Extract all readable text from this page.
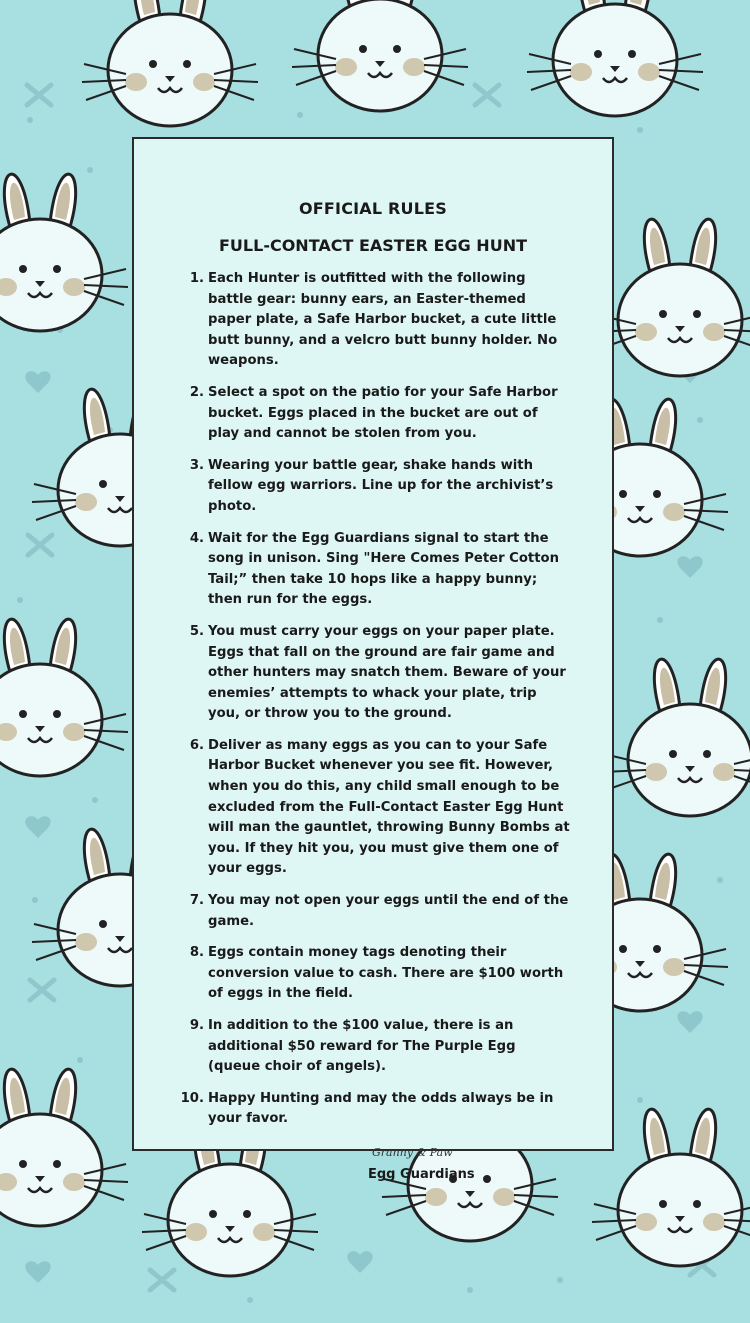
OFFICIAL RULES
FULL-CONTACT EASTER EGG HUNT
1. Each Hunter is outfitted with the following battle gear: bunny ears, an Easter-themed paper plate, a Safe Harbor bucket, a cute little butt bunny, and a velcro butt bunny holder. No weapons.
2. Select a spot on the patio for your Safe Harbor bucket. Eggs placed in the bucket are out of play and cannot be stolen from you.
3. Wearing your battle gear, shake hands with fellow egg warriors. Line up for the archivist’s photo.
4. Wait for the Egg Guardians signal to start the song in unison. Sing "Here Comes Peter Cotton Tail;” then take 10 hops like a happy bunny; then run for the eggs.
5. You must carry your eggs on your paper plate. Eggs that fall on the ground are fair game and other hunters may snatch them. Beware of your enemies’ attempts to whack your plate, trip you, or throw you to the ground.
6. Deliver as many eggs as you can to your Safe Harbor Bucket whenever you see fit. However, when you do this, any child small enough to be excluded from the Full-Contact Easter Egg Hunt will man the gauntlet, throwing Bunny Bombs at you. If they hit you, you must give them one of your eggs.
7. You may not open your eggs until the end of the game.
8. Eggs contain money tags denoting their conversion value to cash. There are $100 worth of eggs in the field.
9. In addition to the $100 value, there is an additional $50 reward for The Purple Egg (queue choir of angels).
10. Happy Hunting and may the odds always be in your favor.
Granny & Paw
Egg Guardians
